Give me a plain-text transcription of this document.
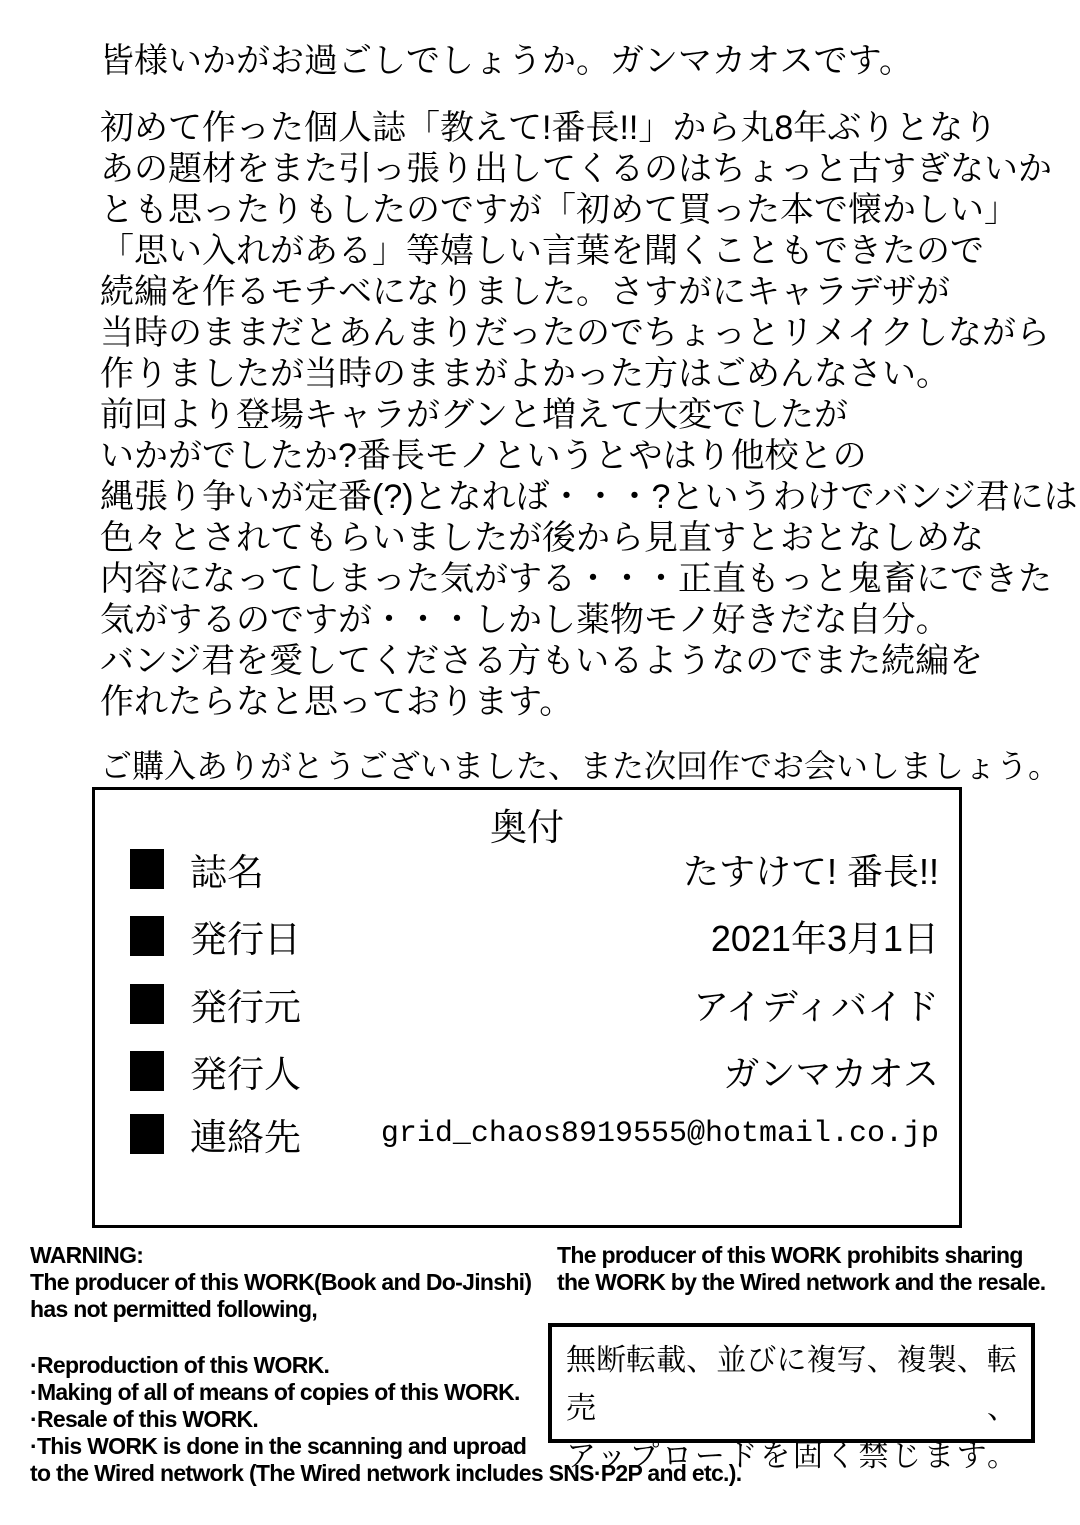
皆様いかがお過ごしでしょうか。ガンマカオスです。

初めて作った個人誌「教えて!番長!!」から丸8年ぶりとなり

あの題材をまた引っ張り出してくるのはちょっと古すぎないか

とも思ったりもしたのですが「初めて買った本で懐かしい」

「思い入れがある」等嬉しい言葉を聞くこともできたので

続編を作るモチベになりました。さすがにキャラデザが

当時のままだとあんまりだったのでちょっとリメイクしながら

作りましたが当時のままがよかった方はごめんなさい。

前回より登場キャラがグンと増えて大変でしたが

いかがでしたか?番長モノというとやはり他校との

縄張り争いが定番(?)となれば・・・?というわけでバンジ君には

色々とされてもらいましたが後から見直すとおとなしめな

内容になってしまった気がする・・・正直もっと鬼畜にできた

気がするのですが・・・しかし薬物モノ好きだな自分。

バンジ君を愛してくださる方もいるようなのでまた続編を

作れたらなと思っております。

ご購入ありがとうございました、また次回作でお会いしましょう。

奥付
誌名	たすけて! 番長!!
発行日	2021年3月1日
発行元	アイディバイド
発行人	ガンマカオス
連絡先	grid_chaos8919555@hotmail.co.jp

WARNING:

The producer of this WORK(Book and Do-Jinshi)

has not permitted following,

·Reproduction of this WORK.

·Making of all of means of copies of this WORK.

·Resale of this WORK.

·This WORK is done in the scanning and uproad

to the Wired network (The Wired network includes SNS·P2P and etc.).

The producer of this WORK prohibits sharing

the WORK by the Wired network and the resale.

無断転載、並びに複写、複製、転売、

アップロードを固く禁じます。
